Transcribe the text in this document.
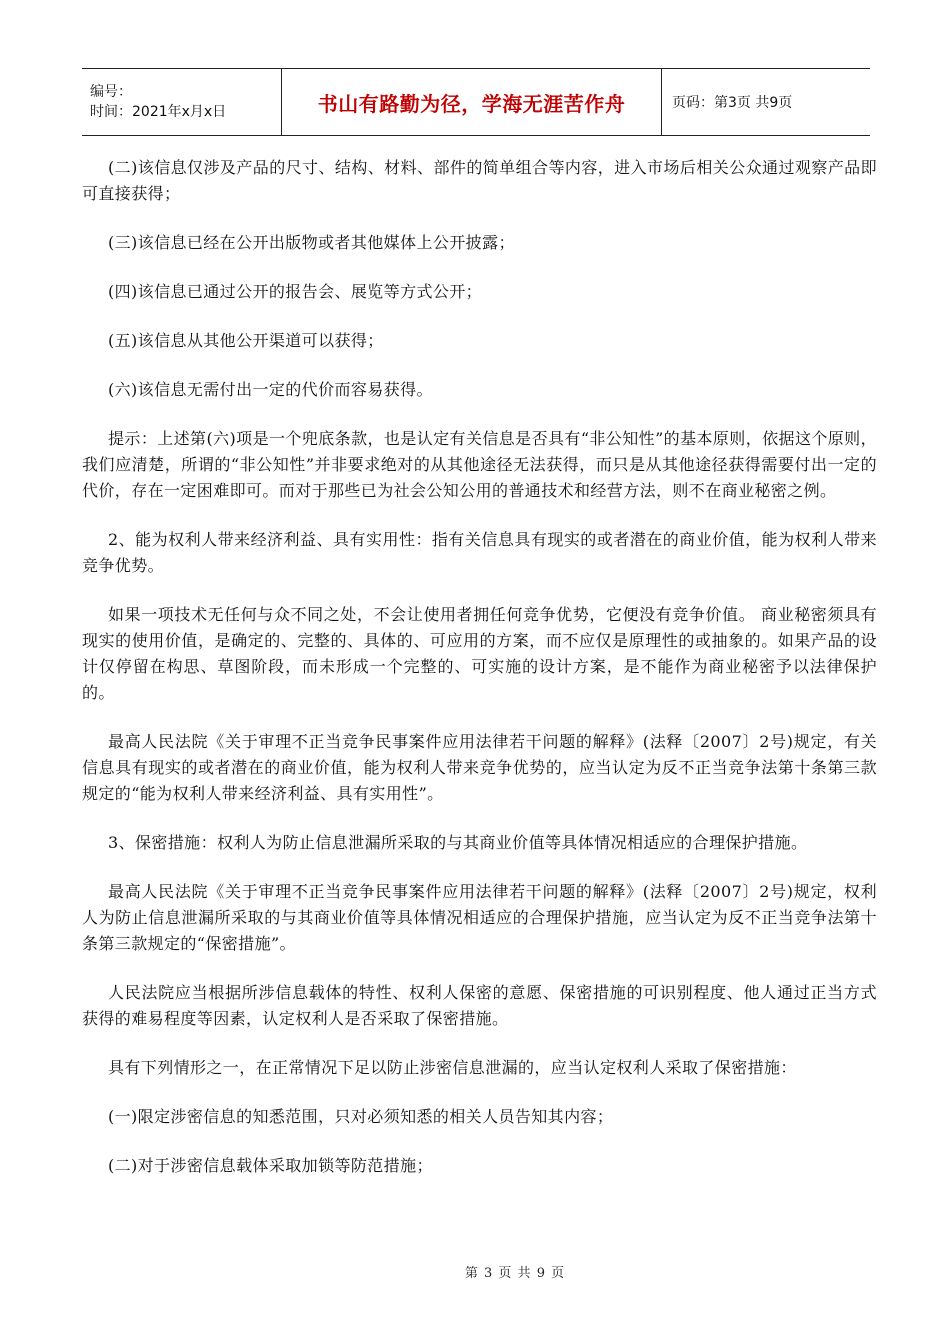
编号：
时间：2021年x月x日	书山有路勤为径，学海无涯苦作舟	页码：第3页 共9页

(二)该信息仅涉及产品的尺寸、结构、材料、部件的简单组合等内容，进入市场后相关公众通过观察产品即可直接获得；

(三)该信息已经在公开出版物或者其他媒体上公开披露；

(四)该信息已通过公开的报告会、展览等方式公开；

(五)该信息从其他公开渠道可以获得；

(六)该信息无需付出一定的代价而容易获得。

提示：上述第(六)项是一个兜底条款，也是认定有关信息是否具有“非公知性”的基本原则，依据这个原则，我们应清楚，所谓的“非公知性”并非要求绝对的从其他途径无法获得，而只是从其他途径获得需要付出一定的代价，存在一定困难即可。而对于那些已为社会公知公用的普通技术和经营方法，则不在商业秘密之例。

2、能为权利人带来经济利益、具有实用性：指有关信息具有现实的或者潜在的商业价值，能为权利人带来竞争优势。

如果一项技术无任何与众不同之处，不会让使用者拥任何竞争优势，它便没有竞争价值。 商业秘密须具有现实的使用价值，是确定的、完整的、具体的、可应用的方案，而不应仅是原理性的或抽象的。如果产品的设计仅停留在构思、草图阶段，而未形成一个完整的、可实施的设计方案，是不能作为商业秘密予以法律保护的。

最高人民法院《关于审理不正当竞争民事案件应用法律若干问题的解释》(法释〔2007〕2号)规定，有关信息具有现实的或者潜在的商业价值，能为权利人带来竞争优势的，应当认定为反不正当竞争法第十条第三款规定的“能为权利人带来经济利益、具有实用性”。

3、保密措施：权利人为防止信息泄漏所采取的与其商业价值等具体情况相适应的合理保护措施。

最高人民法院《关于审理不正当竞争民事案件应用法律若干问题的解释》(法释〔2007〕2号)规定，权利人为防止信息泄漏所采取的与其商业价值等具体情况相适应的合理保护措施，应当认定为反不正当竞争法第十条第三款规定的“保密措施”。

人民法院应当根据所涉信息载体的特性、权利人保密的意愿、保密措施的可识别程度、他人通过正当方式获得的难易程度等因素，认定权利人是否采取了保密措施。

具有下列情形之一，在正常情况下足以防止涉密信息泄漏的，应当认定权利人采取了保密措施：

(一)限定涉密信息的知悉范围，只对必须知悉的相关人员告知其内容；

(二)对于涉密信息载体采取加锁等防范措施；

第 3 页 共 9 页
